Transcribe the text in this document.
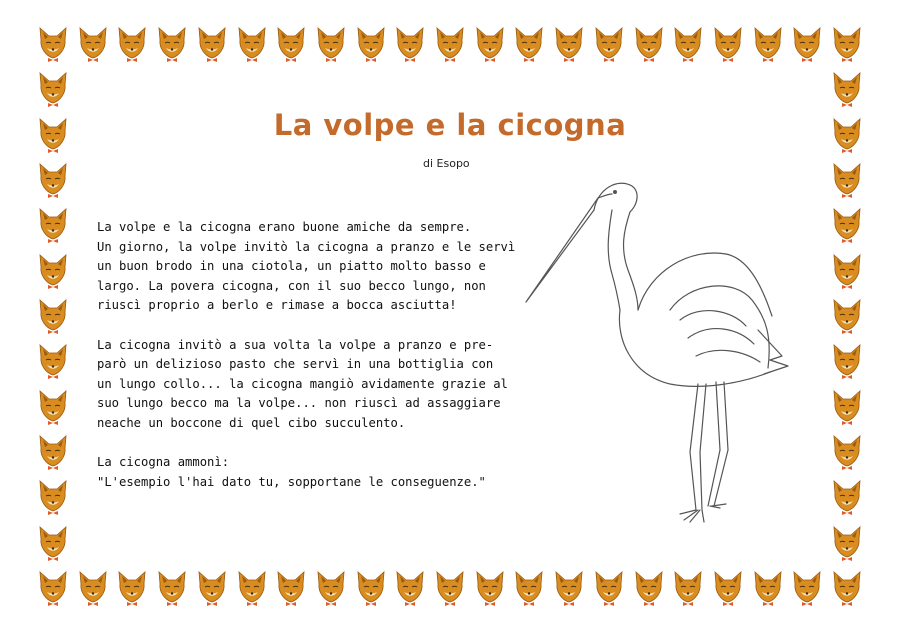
La volpe e la cicogna
di Esopo

La volpe e la cicogna erano buone amiche da sempre.
Un giorno, la volpe invitò la cicogna a pranzo e le servì
un buon brodo in una ciotola, un piatto molto basso e
largo. La povera cicogna, con il suo becco lungo, non
riuscì proprio a berlo e rimase a bocca asciutta!

La cicogna invitò a sua volta la volpe a pranzo e pre-
parò un delizioso pasto che servì in una bottiglia con
un lungo collo... la cicogna mangiò avidamente grazie al
suo lungo becco ma la volpe... non riuscì ad assaggiare
neache un boccone di quel cibo succulento.

La cicogna ammonì:
"L'esempio l'hai dato tu, sopportane le conseguenze."
